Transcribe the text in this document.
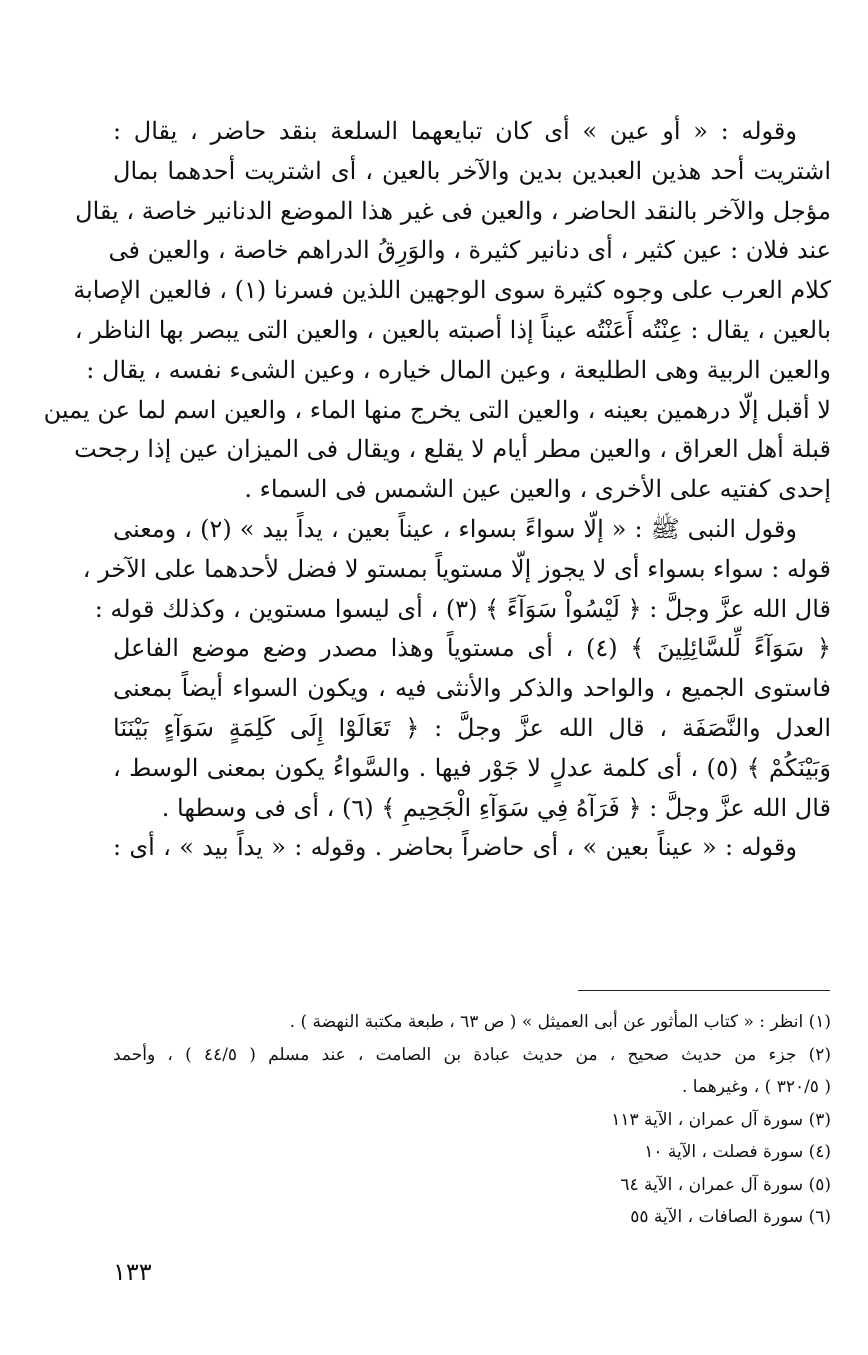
وقوله : « أو عين » أى كان تبايعهما السلعة بنقد حاضر ، يقال :
اشتريت أحد هذين العبدين بدين والآخر بالعين ، أى اشتريت أحدهما بمال
مؤجل والآخر بالنقد الحاضر ، والعين فى غير هذا الموضع الدنانير خاصة ، يقال
عند فلان : عين كثير ، أى دنانير كثيرة ، والوَرِقُ الدراهم خاصة ، والعين فى
كلام العرب على وجوه كثيرة سوى الوجهين اللذين فسرنا (١) ، فالعين الإصابة
بالعين ، يقال : عِنْتُه أَعَنْتُه عيناً إذا أصبته بالعين ، والعين التى يبصر بها الناظر ،
والعين الربية وهى الطليعة ، وعين المال خياره ، وعين الشىء نفسه ، يقال :
لا أقبل إلّا درهمين بعينه ، والعين التى يخرج منها الماء ، والعين اسم لما عن يمين
قبلة أهل العراق ، والعين مطر أيام لا يقلع ، ويقال فى الميزان عين إذا رجحت
إحدى كفتيه على الأخرى ، والعين عين الشمس فى السماء .
وقول النبى ﷺ : « إلّا سواءً بسواء ، عيناً بعين ، يداً بيد » (٢) ، ومعنى
قوله : سواء بسواء أى لا يجوز إلّا مستوياً بمستو لا فضل لأحدهما على الآخر ،
قال الله عزَّ وجلَّ : ﴿ لَيْسُواْ سَوَآءً ﴾ (٣) ، أى ليسوا مستوين ، وكذلك قوله :
﴿ سَوَآءً لِّلسَّائِلِينَ ﴾ (٤) ، أى مستوياً وهذا مصدر وضع موضع الفاعل
فاستوى الجميع ، والواحد والذكر والأنثى فيه ، ويكون السواء أيضاً بمعنى
العدل والنَّصَفَة ، قال الله عزَّ وجلَّ : ﴿ تَعَالَوْا إِلَى كَلِمَةٍ سَوَآءٍ بَيْنَنَا
وَبَيْنَكُمْ ﴾ (٥) ، أى كلمة عدلٍ لا جَوْر فيها . والسَّواءُ يكون بمعنى الوسط ،
قال الله عزَّ وجلَّ : ﴿ فَرَآهُ فِي سَوَآءِ الْجَحِيمِ ﴾ (٦) ، أى فى وسطها .
وقوله : « عيناً بعين » ، أى حاضراً بحاضر . وقوله : « يداً بيد » ، أى :
(١) انظر : « كتاب المأثور عن أبى العميثل » ( ص ٦٣ ، طبعة مكتبة النهضة ) .
(٢) جزء من حديث صحيح ، من حديث عبادة بن الصامت ، عند مسلم ( ٤٤/٥ ) ، وأحمد
( ٣٢٠/٥ ) ، وغيرهما .
(٣) سورة آل عمران ، الآية ١١٣
(٤) سورة فصلت ، الآية ١٠
(٥) سورة آل عمران ، الآية ٦٤
(٦) سورة الصافات ، الآية ٥٥
١٣٣
